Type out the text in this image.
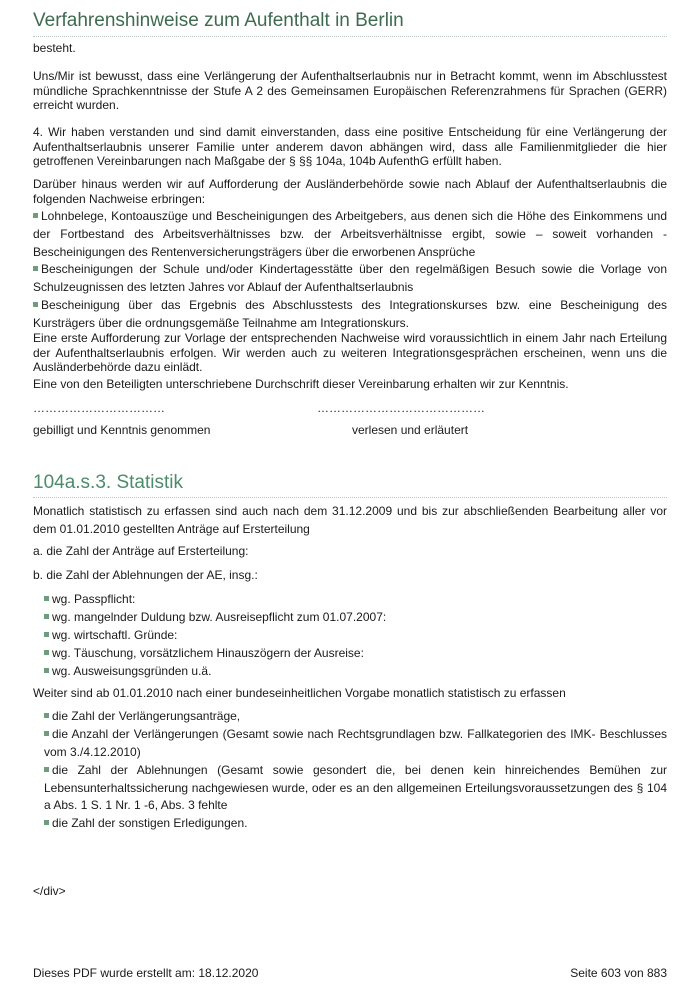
Verfahrenshinweise zum Aufenthalt in Berlin
besteht.
Uns/Mir ist bewusst, dass eine Verlängerung der Aufenthaltserlaubnis nur in Betracht kommt, wenn im Abschlusstest mündliche Sprachkenntnisse der Stufe A 2 des Gemeinsamen Europäischen Referenzrahmens für Sprachen (GERR) erreicht wurden.
4. Wir haben verstanden und sind damit einverstanden, dass eine positive Entscheidung für eine Verlängerung der Aufenthaltserlaubnis unserer Familie unter anderem davon abhängen wird, dass alle Familienmitglieder die hier getroffenen Vereinbarungen nach Maßgabe der § §§ 104a, 104b AufenthG erfüllt haben.
Darüber hinaus werden wir auf Aufforderung der Ausländerbehörde sowie nach Ablauf der Aufenthaltserlaubnis die folgenden Nachweise erbringen:
Lohnbelege, Kontoauszüge und Bescheinigungen des Arbeitgebers, aus denen sich die Höhe des Einkommens und der Fortbestand des Arbeitsverhältnisses bzw. der Arbeitsverhältnisse ergibt, sowie – soweit vorhanden - Bescheinigungen des Rentenversicherungsträgers über die erworbenen Ansprüche
Bescheinigungen der Schule und/oder Kindertagesstätte über den regelmäßigen Besuch sowie die Vorlage von Schulzeugnissen des letzten Jahres vor Ablauf der Aufenthaltserlaubnis
Bescheinigung über das Ergebnis des Abschlusstests des Integrationskurses bzw. eine Bescheinigung des Kursträgers über die ordnungsgemäße Teilnahme am Integrationskurs.
Eine erste Aufforderung zur Vorlage der entsprechenden Nachweise wird voraussichtlich in einem Jahr nach Erteilung der Aufenthaltserlaubnis erfolgen. Wir werden auch zu weiteren Integrationsgesprächen erscheinen, wenn uns die Ausländerbehörde dazu einlädt.
Eine von den Beteiligten unterschriebene Durchschrift dieser Vereinbarung erhalten wir zur Kenntnis.
……………………………	……………………………………
gebilligt und Kenntnis genommen	verlesen und erläutert
104a.s.3. Statistik
Monatlich statistisch zu erfassen sind auch nach dem 31.12.2009 und bis zur abschließenden Bearbeitung aller vor dem 01.01.2010 gestellten Anträge auf Ersterteilung
a. die Zahl der Anträge auf Ersterteilung:
b. die Zahl der Ablehnungen der AE, insg.:
wg. Passpflicht:
wg. mangelnder Duldung bzw. Ausreisepflicht zum 01.07.2007:
wg. wirtschaftl. Gründe:
wg. Täuschung, vorsätzlichem Hinauszögern der Ausreise:
wg. Ausweisungsgründen u.ä.
Weiter sind ab 01.01.2010 nach einer bundeseinheitlichen Vorgabe monatlich statistisch zu erfassen
die Zahl der Verlängerungsanträge,
die Anzahl der Verlängerungen (Gesamt sowie nach Rechtsgrundlagen bzw. Fallkategorien des IMK- Beschlusses vom 3./4.12.2010)
die Zahl der Ablehnungen (Gesamt sowie gesondert die, bei denen kein hinreichendes Bemühen zur Lebensunterhaltssicherung nachgewiesen wurde, oder es an den allgemeinen Erteilungsvoraussetzungen des § 104 a Abs. 1 S. 1 Nr. 1 -6, Abs. 3 fehlte
die Zahl der sonstigen Erledigungen.
</div>
Dieses PDF wurde erstellt am: 18.12.2020	Seite 603 von 883
